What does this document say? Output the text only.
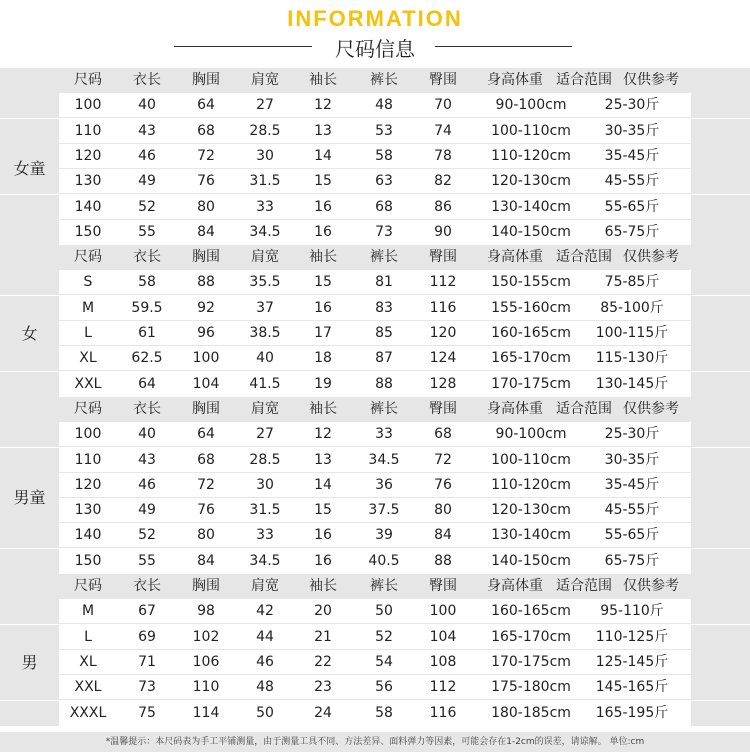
INFORMATION
尺码信息
尺码	衣长	胸围	肩宽	袖长	裤长	臀围	身高体重 适合范围 仅供参考
100	40	64	27	12	48	70	90-100cm	25-30斤
110	43	68	28.5	13	53	74	100-110cm	30-35斤
120	46	72	30	14	58	78	110-120cm	35-45斤
130	49	76	31.5	15	63	82	120-130cm	45-55斤
140	52	80	33	16	68	86	130-140cm	55-65斤
150	55	84	34.5	16	73	90	140-150cm	65-75斤
女童
尺码	衣长	胸围	肩宽	袖长	裤长	臀围	身高体重 适合范围 仅供参考
S	58	88	35.5	15	81	112	150-155cm	75-85斤
M	59.5	92	37	16	83	116	155-160cm	85-100斤
L	61	96	38.5	17	85	120	160-165cm	100-115斤
XL	62.5	100	40	18	87	124	165-170cm	115-130斤
XXL	64	104	41.5	19	88	128	170-175cm	130-145斤
女
尺码	衣长	胸围	肩宽	袖长	裤长	臀围	身高体重 适合范围 仅供参考
100	40	64	27	12	33	68	90-100cm	25-30斤
110	43	68	28.5	13	34.5	72	100-110cm	30-35斤
120	46	72	30	14	36	76	110-120cm	35-45斤
130	49	76	31.5	15	37.5	80	120-130cm	45-55斤
140	52	80	33	16	39	84	130-140cm	55-65斤
150	55	84	34.5	16	40.5	88	140-150cm	65-75斤
男童
尺码	衣长	胸围	肩宽	袖长	裤长	臀围	身高体重 适合范围 仅供参考
M	67	98	42	20	50	100	160-165cm	95-110斤
L	69	102	44	21	52	104	165-170cm	110-125斤
XL	71	106	46	22	54	108	170-175cm	125-145斤
XXL	73	110	48	23	56	112	175-180cm	145-165斤
XXXL	75	114	50	24	58	116	180-185cm	165-195斤
男
*温馨提示：本尺码表为手工平铺测量，由于测量工具不同、方法差异、面料弹力等因素，可能会存在1-2cm的误差，请谅解。 单位:cm
